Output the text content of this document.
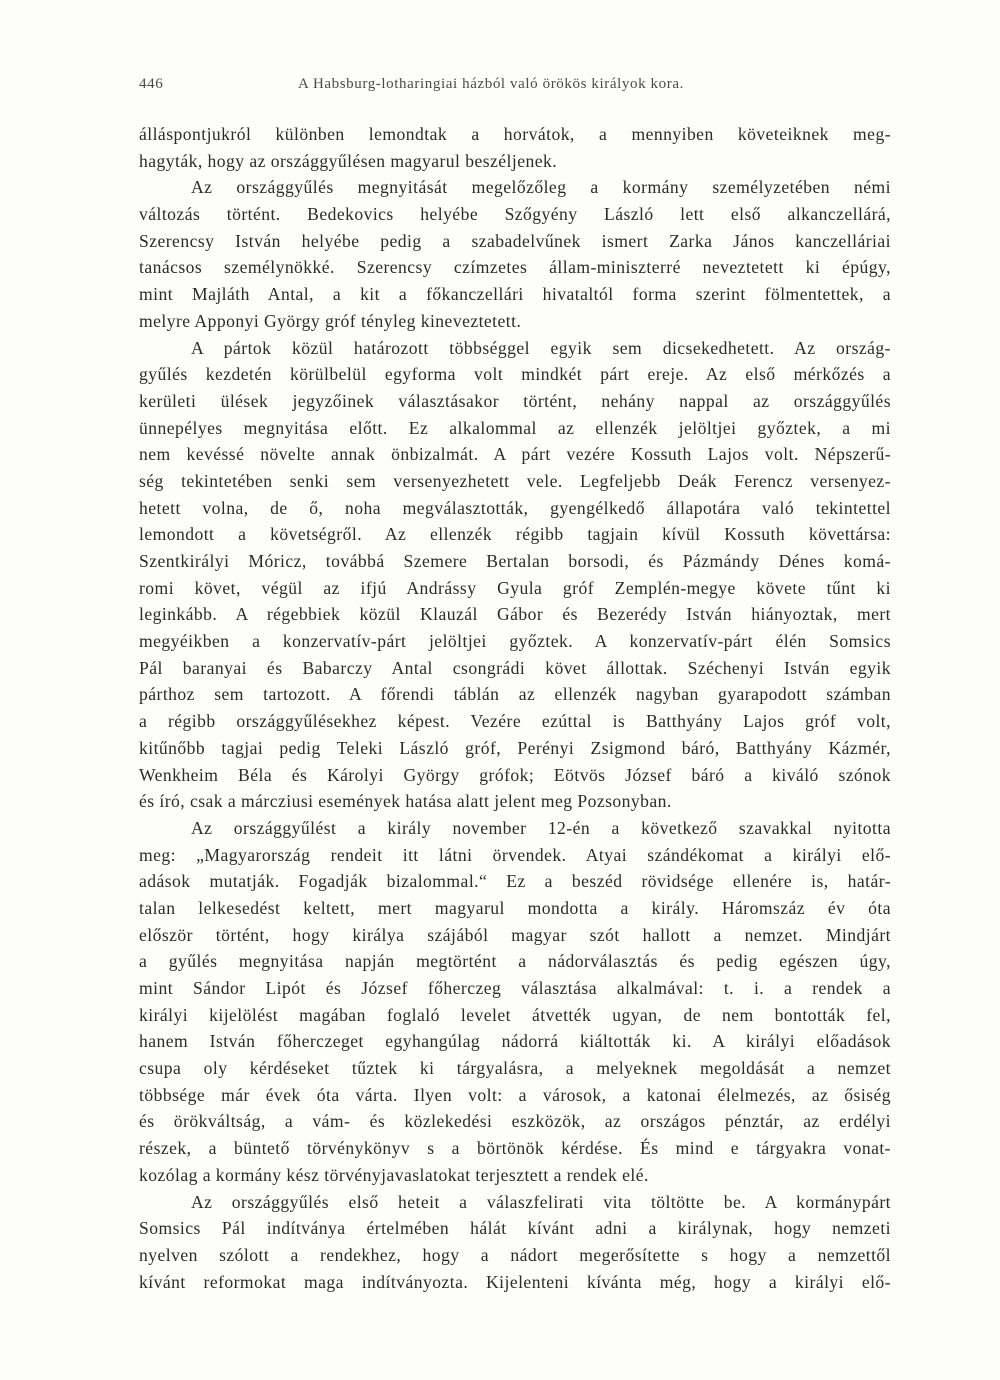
446	A Habsburg-lotharingiai házból való örökös királyok kora.
álláspontjukról különben lemondtak a horvátok, a mennyiben követeiknek meg-
hagyták, hogy az országgyűlésen magyarul beszéljenek.
Az országgyűlés megnyitását megelőzőleg a kormány személyzetében némi
változás történt. Bedekovics helyébe Szőgyény László lett első alkanczellárá,
Szerencsy István helyébe pedig a szabadelvűnek ismert Zarka János kanczelláriai
tanácsos személynökké. Szerencsy czímzetes állam-miniszterré neveztetett ki épúgy,
mint Majláth Antal, a kit a főkanczellári hivataltól forma szerint fölmentettek, a
melyre Apponyi György gróf tényleg kineveztetett.
A pártok közül határozott többséggel egyik sem dicsekedhetett. Az ország-
gyűlés kezdetén körülbelül egyforma volt mindkét párt ereje. Az első mérkőzés a
kerületi ülések jegyzőinek választásakor történt, nehány nappal az országgyűlés
ünnepélyes megnyitása előtt. Ez alkalommal az ellenzék jelöltjei győztek, a mi
nem kevéssé növelte annak önbizalmát. A párt vezére Kossuth Lajos volt. Népszerű-
ség tekintetében senki sem versenyezhetett vele. Legfeljebb Deák Ferencz versenyez-
hetett volna, de ő, noha megválasztották, gyengélkedő állapotára való tekintettel
lemondott a követségről. Az ellenzék régibb tagjain kívül Kossuth követtársa:
Szentkirályi Móricz, továbbá Szemere Bertalan borsodi, és Pázmándy Dénes komá-
romi követ, végül az ifjú Andrássy Gyula gróf Zemplén-megye követe tűnt ki
leginkább. A régebbiek közül Klauzál Gábor és Bezerédy István hiányoztak, mert
megyéikben a konzervatív-párt jelöltjei győztek. A konzervatív-párt élén Somsics
Pál baranyai és Babarczy Antal csongrádi követ állottak. Széchenyi István egyik
párthoz sem tartozott. A főrendi táblán az ellenzék nagyban gyarapodott számban
a régibb országgyűlésekhez képest. Vezére ezúttal is Batthyány Lajos gróf volt,
kitűnőbb tagjai pedig Teleki László gróf, Perényi Zsigmond báró, Batthyány Kázmér,
Wenkheim Béla és Károlyi György grófok; Eötvös József báró a kiváló szónok
és író, csak a márcziusi események hatása alatt jelent meg Pozsonyban.
Az országgyűlést a király november 12-én a következő szavakkal nyitotta
meg: „Magyarország rendeit itt látni örvendek. Atyai szándékomat a királyi elő-
adások mutatják. Fogadják bizalommal.“ Ez a beszéd rövidsége ellenére is, határ-
talan lelkesedést keltett, mert magyarul mondotta a király. Háromszáz év óta
először történt, hogy királya szájából magyar szót hallott a nemzet. Mindjárt
a gyűlés megnyitása napján megtörtént a nádorválasztás és pedig egészen úgy,
mint Sándor Lipót és József főherczeg választása alkalmával: t. i. a rendek a
királyi kijelölést magában foglaló levelet átvették ugyan, de nem bontották fel,
hanem István főherczeget egyhangúlag nádorrá kiáltották ki. A királyi előadások
csupa oly kérdéseket tűztek ki tárgyalásra, a melyeknek megoldását a nemzet
többsége már évek óta várta. Ilyen volt: a városok, a katonai élelmezés, az ősiség
és örökváltság, a vám- és közlekedési eszközök, az országos pénztár, az erdélyi
részek, a büntető törvénykönyv s a börtönök kérdése. És mind e tárgyakra vonat-
kozólag a kormány kész törvényjavaslatokat terjesztett a rendek elé.
Az országgyűlés első heteit a válaszfelirati vita töltötte be. A kormánypárt
Somsics Pál indítványa értelmében hálát kívánt adni a királynak, hogy nemzeti
nyelven szólott a rendekhez, hogy a nádort megerősítette s hogy a nemzettől
kívánt reformokat maga indítványozta. Kijelenteni kívánta még, hogy a királyi elő-
